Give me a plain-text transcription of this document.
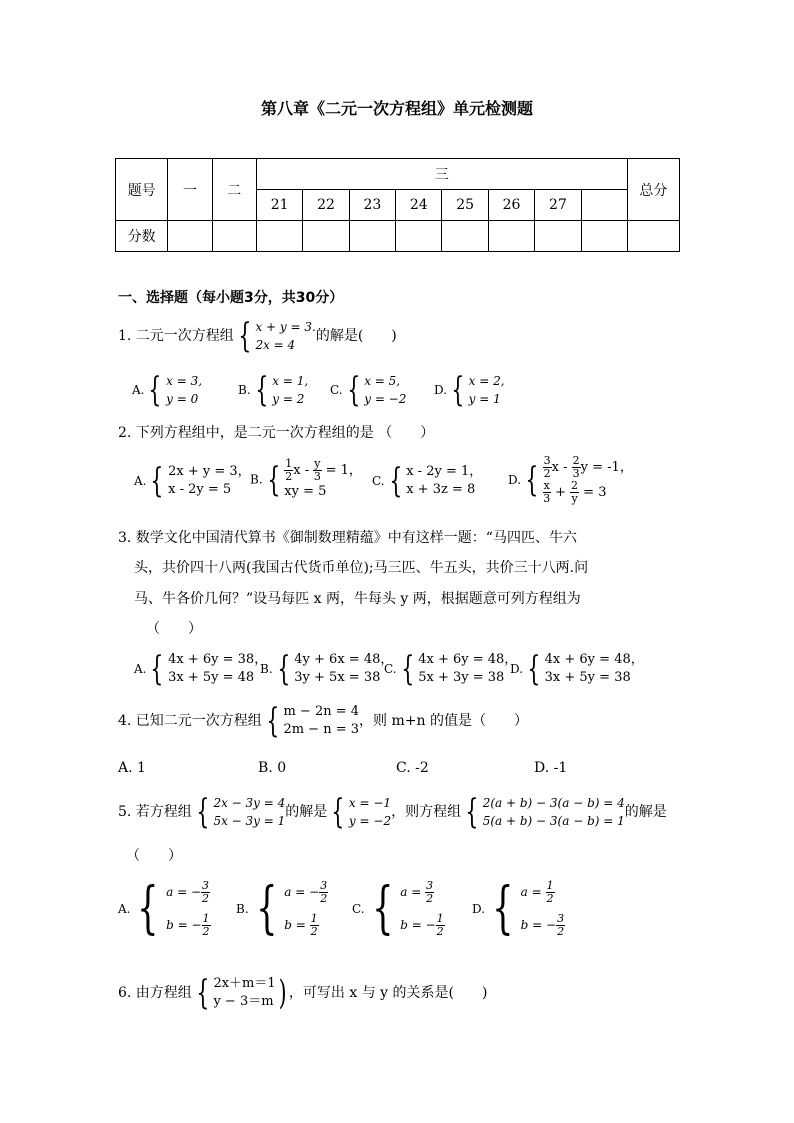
第八章《二元一次方程组》单元检测题
题号	一	二	三								总分
			21	22	23	24	25	26	27		
分数											
一、选择题（每小题3分，共30分）
1. 二元一次方程组 { x + y = 3.
2x = 4
的解是(　　)
A. { x = 3,
y = 0
B. { x = 1,
y = 2
C. { x = 5,
y = −2
D. { x = 2,
y = 1
2. 下列方程组中，是二元一次方程组的是 （　　）
A. { 2x + y = 3，
x - 2y = 5
B. { $\frac{1}{2}$ $x - \frac{y}{3} = 1$，
xy = 5
C. { x - 2y = 1，
x + 3z = 8
D. { $\frac{3}{2}$ x - $\frac{2}{3}$ y = -1，
$\frac{x}{3} + \frac{2}{y} = 3$
3. 数学文化中国清代算书《御制数理精蕴》中有这样一题：“马四匹、牛六
头，共价四十八两(我国古代货币单位);马三匹、牛五头，共价三十八两.问
马、牛各价几何？”设马每匹 x 两，牛每头 y 两，根据题意可列方程组为
（　　）
A. { 4x + 6y = 38，
3x + 5y = 48
B. { 4y + 6x = 48，
3y + 5x = 38
C. { 4x + 6y = 48，
5x + 3y = 38
D. { 4x + 6y = 48，
3x + 5y = 38
4. 已知二元一次方程组 { m − 2n = 4
2m − n = 3
，则 m+n 的值是（　　）
A. 1	B. 0	C. -2	D. -1
5. 若方程组 { 2x − 3y = 4
5x − 3y = 1
的解是 { x = −1
y = −2
，则方程组 { 2(a + b) − 3(a − b) = 4
5(a + b) − 3(a − b) = 1
的解是
（　　）
A. { a = − $\frac{3}{2}$
b = − $\frac{1}{2}$
B. { a = − $\frac{3}{2}$
$b = \frac{1}{2}$
C. { $a = \frac{3}{2}$
b = − $\frac{1}{2}$
D. { $a = \frac{1}{2}$
b = − $\frac{3}{2}$
6. 由方程组 { 2x＋m＝1
y − 3＝m ) ，可写出 x 与 y 的关系是(　　)
